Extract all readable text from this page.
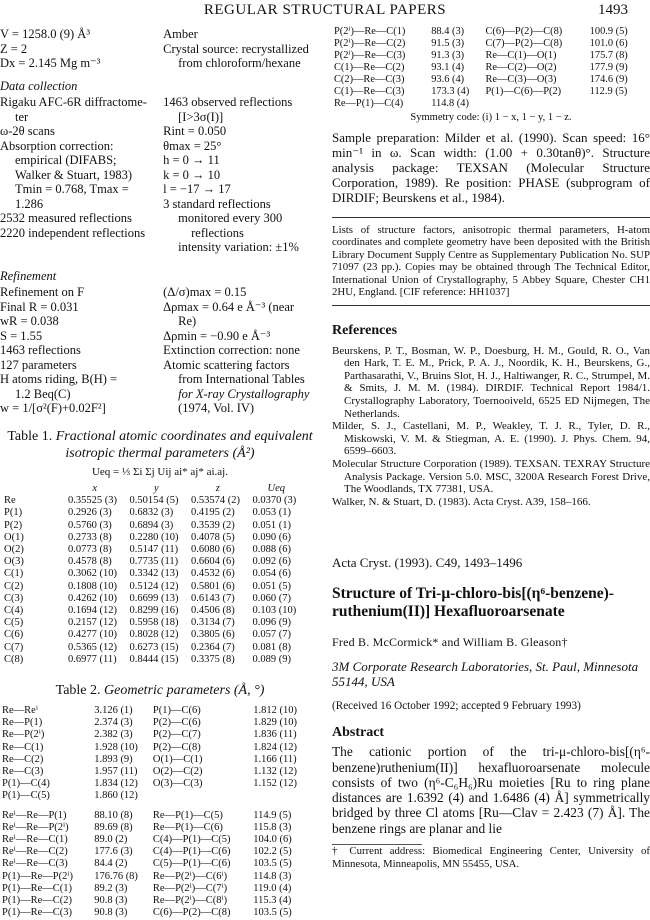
REGULAR STRUCTURAL PAPERS	1493
V = 1258.0 (9) Å³
Z = 2
Dx = 2.145 Mg m⁻³
Amber
Crystal source: recrystallized
from chloroform/hexane
Data collection
Rigaku AFC-6R diffractome-
ter
ω-2θ scans
Absorption correction:
empirical (DIFABS;
Walker & Stuart, 1983)
Tmin = 0.768, Tmax =
1.286
2532 measured reflections
2220 independent reflections
1463 observed reflections
[I>3σ(I)]
Rint = 0.050
θmax = 25°
h = 0 → 11
k = 0 → 10
l = −17 → 17
3 standard reflections
monitored every 300
reflections
intensity variation: ±1%
Refinement
Refinement on F
Final R = 0.031
wR = 0.038
S = 1.55
1463 reflections
127 parameters
H atoms riding, B(H) =
1.2 Beq(C)
w = 1/[σ²(F)+0.02F²]
(Δ/σ)max = 0.15
Δρmax = 0.64 e Å⁻³ (near
Re)
Δρmin = −0.90 e Å⁻³
Extinction correction: none
Atomic scattering factors
from International Tables
for X-ray Crystallography
(1974, Vol. IV)
Table 1. Fractional atomic coordinates and equivalent isotropic thermal parameters (Å²)
Ueq = ⅓ Σi Σj Uij ai* aj* ai.aj.
	x	y	z	Ueq
Re	0.35525 (3)	0.50154 (5)	0.53574 (2)	0.0370 (3)
P(1)	0.2926 (3)	0.6832 (3)	0.4195 (2)	0.053 (1)
P(2)	0.5760 (3)	0.6894 (3)	0.3539 (2)	0.051 (1)
O(1)	0.2733 (8)	0.2280 (10)	0.4078 (5)	0.090 (6)
O(2)	0.0773 (8)	0.5147 (11)	0.6080 (6)	0.088 (6)
O(3)	0.4578 (8)	0.7735 (11)	0.6604 (6)	0.092 (6)
C(1)	0.3062 (10)	0.3342 (13)	0.4532 (6)	0.054 (6)
C(2)	0.1808 (10)	0.5124 (12)	0.5801 (6)	0.051 (5)
C(3)	0.4262 (10)	0.6699 (13)	0.6143 (7)	0.060 (7)
C(4)	0.1694 (12)	0.8299 (16)	0.4506 (8)	0.103 (10)
C(5)	0.2157 (12)	0.5958 (18)	0.3134 (7)	0.096 (9)
C(6)	0.4277 (10)	0.8028 (12)	0.3805 (6)	0.057 (7)
C(7)	0.5365 (12)	0.6273 (15)	0.2364 (7)	0.081 (8)
C(8)	0.6977 (11)	0.8444 (15)	0.3375 (8)	0.089 (9)
Table 2. Geometric parameters (Å, °)
Re—Reⁱ	3.126 (1)	P(1)—C(6)	1.812 (10)
Re—P(1)	2.374 (3)	P(2)—C(6)	1.829 (10)
Re—P(2ⁱ)	2.382 (3)	P(2)—C(7)	1.836 (11)
Re—C(1)	1.928 (10)	P(2)—C(8)	1.824 (12)
Re—C(2)	1.893 (9)	O(1)—C(1)	1.166 (11)
Re—C(3)	1.957 (11)	O(2)—C(2)	1.132 (12)
P(1)—C(4)	1.834 (12)	O(3)—C(3)	1.152 (12)
P(1)—C(5)	1.860 (12)		

Reⁱ—Re—P(1)	88.10 (8)	Re—P(1)—C(5)	114.9 (5)
Reⁱ—Re—P(2ⁱ)	89.69 (8)	Re—P(1)—C(6)	115.8 (3)
Reⁱ—Re—C(1)	89.0 (2)	C(4)—P(1)—C(5)	104.0 (6)
Reⁱ—Re—C(2)	177.6 (3)	C(4)—P(1)—C(6)	102.2 (5)
Reⁱ—Re—C(3)	84.4 (2)	C(5)—P(1)—C(6)	103.5 (5)
P(1)—Re—P(2ⁱ)	176.76 (8)	Re—P(2ⁱ)—C(6ⁱ)	114.8 (3)
P(1)—Re—C(1)	89.2 (3)	Re—P(2ⁱ)—C(7ⁱ)	119.0 (4)
P(1)—Re—C(2)	90.8 (3)	Re—P(2ⁱ)—C(8ⁱ)	115.3 (4)
P(1)—Re—C(3)	90.8 (3)	C(6)—P(2)—C(8)	103.5 (5)
P(2ⁱ)—Re—C(1)	88.4 (3)	C(6)—P(2)—C(8)	100.9 (5)
P(2ⁱ)—Re—C(2)	91.5 (3)	C(7)—P(2)—C(8)	101.0 (6)
P(2ⁱ)—Re—C(3)	91.3 (3)	Re—C(1)—O(1)	175.7 (8)
C(1)—Re—C(2)	93.1 (4)	Re—C(2)—O(2)	177.9 (9)
C(2)—Re—C(3)	93.6 (4)	Re—C(3)—O(3)	174.6 (9)
C(1)—Re—C(3)	173.3 (4)	P(1)—C(6)—P(2)	112.9 (5)
Re—P(1)—C(4)	114.8 (4)		
Symmetry code: (i) 1 − x, 1 − y, 1 − z.
Sample preparation: Milder et al. (1990). Scan speed: 16° min⁻¹ in ω. Scan width: (1.00 + 0.30tanθ)°. Structure analysis package: TEXSAN (Molecular Structure Corporation, 1989). Re position: PHASE (subprogram of DIRDIF; Beurskens et al., 1984).
Lists of structure factors, anisotropic thermal parameters, H-atom coordinates and complete geometry have been deposited with the British Library Document Supply Centre as Supplementary Publication No. SUP 71097 (23 pp.). Copies may be obtained through The Technical Editor, International Union of Crystallography, 5 Abbey Square, Chester CH1 2HU, England. [CIF reference: HH1037]
References
Beurskens, P. T., Bosman, W. P., Doesburg, H. M., Gould, R. O., Van den Hark, T. E. M., Prick, P. A. J., Noordik, K. H., Beurskens, G., Parthasarathi, V., Bruins Slot, H. J., Haltiwanger, R. C., Strumpel, M. & Smits, J. M. M. (1984). DIRDIF. Technical Report 1984/1. Crystallography Laboratory, Toernooiveld, 6525 ED Nijmegen, The Netherlands.
Milder, S. J., Castellani, M. P., Weakley, T. J. R., Tyler, D. R., Miskowski, V. M. & Stiegman, A. E. (1990). J. Phys. Chem. 94, 6599–6603.
Molecular Structure Corporation (1989). TEXSAN. TEXRAY Structure Analysis Package. Version 5.0. MSC, 3200A Research Forest Drive, The Woodlands, TX 77381, USA.
Walker, N. & Stuart, D. (1983). Acta Cryst. A39, 158–166.
Acta Cryst. (1993). C49, 1493–1496
Structure of Tri-μ-chloro-bis[(η⁶-benzene)-ruthenium(II)] Hexafluoroarsenate
Fred B. McCormick* and William B. Gleason†
3M Corporate Research Laboratories, St. Paul, Minnesota 55144, USA
(Received 16 October 1992; accepted 9 February 1993)
Abstract
The cationic portion of the tri-μ-chloro-bis[(η⁶-benzene)ruthenium(II)] hexafluoroarsenate molecule consists of two (η⁶-C₆H₆)Ru moieties [Ru to ring plane distances are 1.6392 (4) and 1.6486 (4) Å] symmetrically bridged by three Cl atoms [Ru—Clav = 2.423 (7) Å]. The benzene rings are planar and lie
† Current address: Biomedical Engineering Center, University of Minnesota, Minneapolis, MN 55455, USA.
